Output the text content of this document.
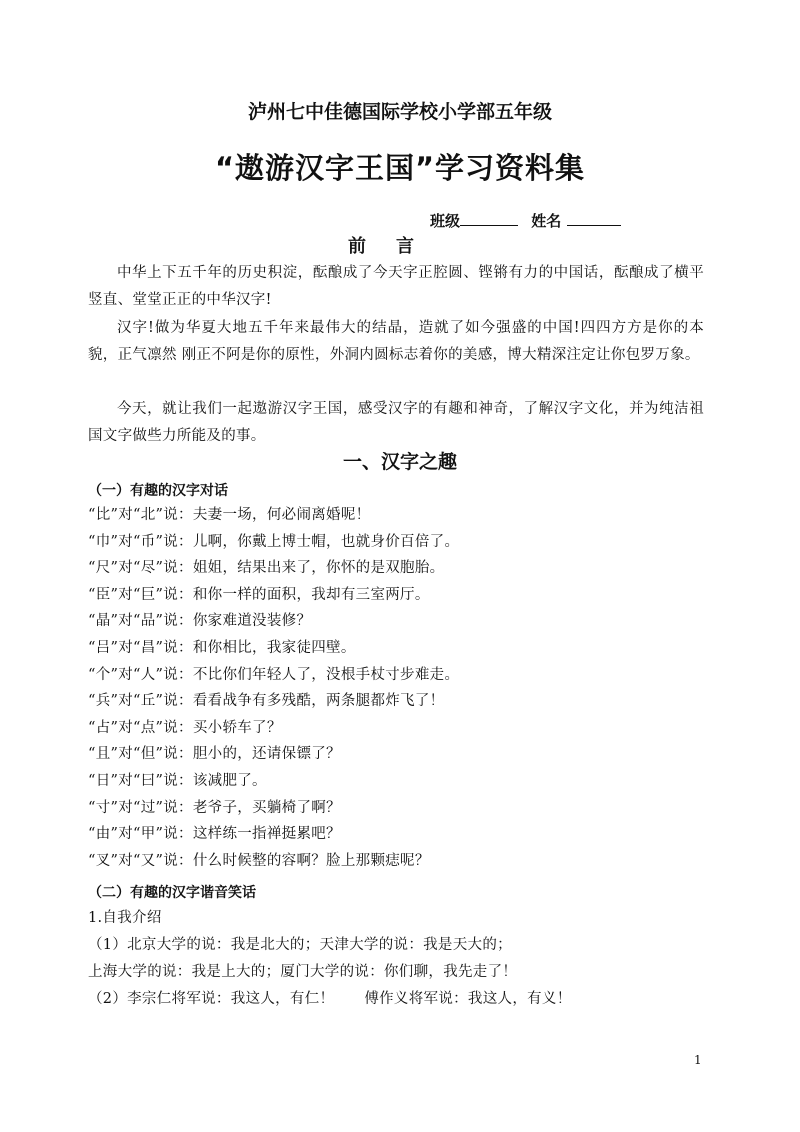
泸州七中佳德国际学校小学部五年级
“遨游汉字王国”学习资料集
班级	姓名
前言
中华上下五千年的历史积淀，酝酿成了今天字正腔圆、铿锵有力的中国话，酝酿成了横平竖直、堂堂正正的中华汉字!
汉字!做为华夏大地五千年来最伟大的结晶，造就了如今强盛的中国!四四方方是你的本貌，正气凛然 刚正不阿是你的原性，外洞内圆标志着你的美感，博大精深注定让你包罗万象。
今天，就让我们一起遨游汉字王国，感受汉字的有趣和神奇，了解汉字文化，并为纯洁祖国文字做些力所能及的事。
一、汉字之趣
（一）有趣的汉字对话
“比”对“北”说：夫妻一场，何必闹离婚呢！
“巾”对“币”说：儿啊，你戴上博士帽，也就身价百倍了。
“尺”对“尽”说：姐姐，结果出来了，你怀的是双胞胎。
“臣”对“巨”说：和你一样的面积，我却有三室两厅。
“晶”对“品”说：你家难道没装修？
“吕”对“昌”说：和你相比，我家徒四壁。
“个”对“人”说：不比你们年轻人了，没根手杖寸步难走。
“兵”对“丘”说：看看战争有多残酷，两条腿都炸飞了！
“占”对“点”说：买小轿车了？
“且”对“但”说：胆小的，还请保镖了？
“日”对“曰”说：该减肥了。
“寸”对“过”说：老爷子，买躺椅了啊？
“由”对“甲”说：这样练一指禅挺累吧？
“叉”对“又”说：什么时候整的容啊？脸上那颗痣呢？
（二）有趣的汉字谐音笑话
1.自我介绍
（1）北京大学的说：我是北大的；天津大学的说：我是天大的；
上海大学的说：我是上大的；厦门大学的说：你们聊，我先走了！
（2）李宗仁将军说：我这人，有仁！ 傅作义将军说：我这人，有义！
1
